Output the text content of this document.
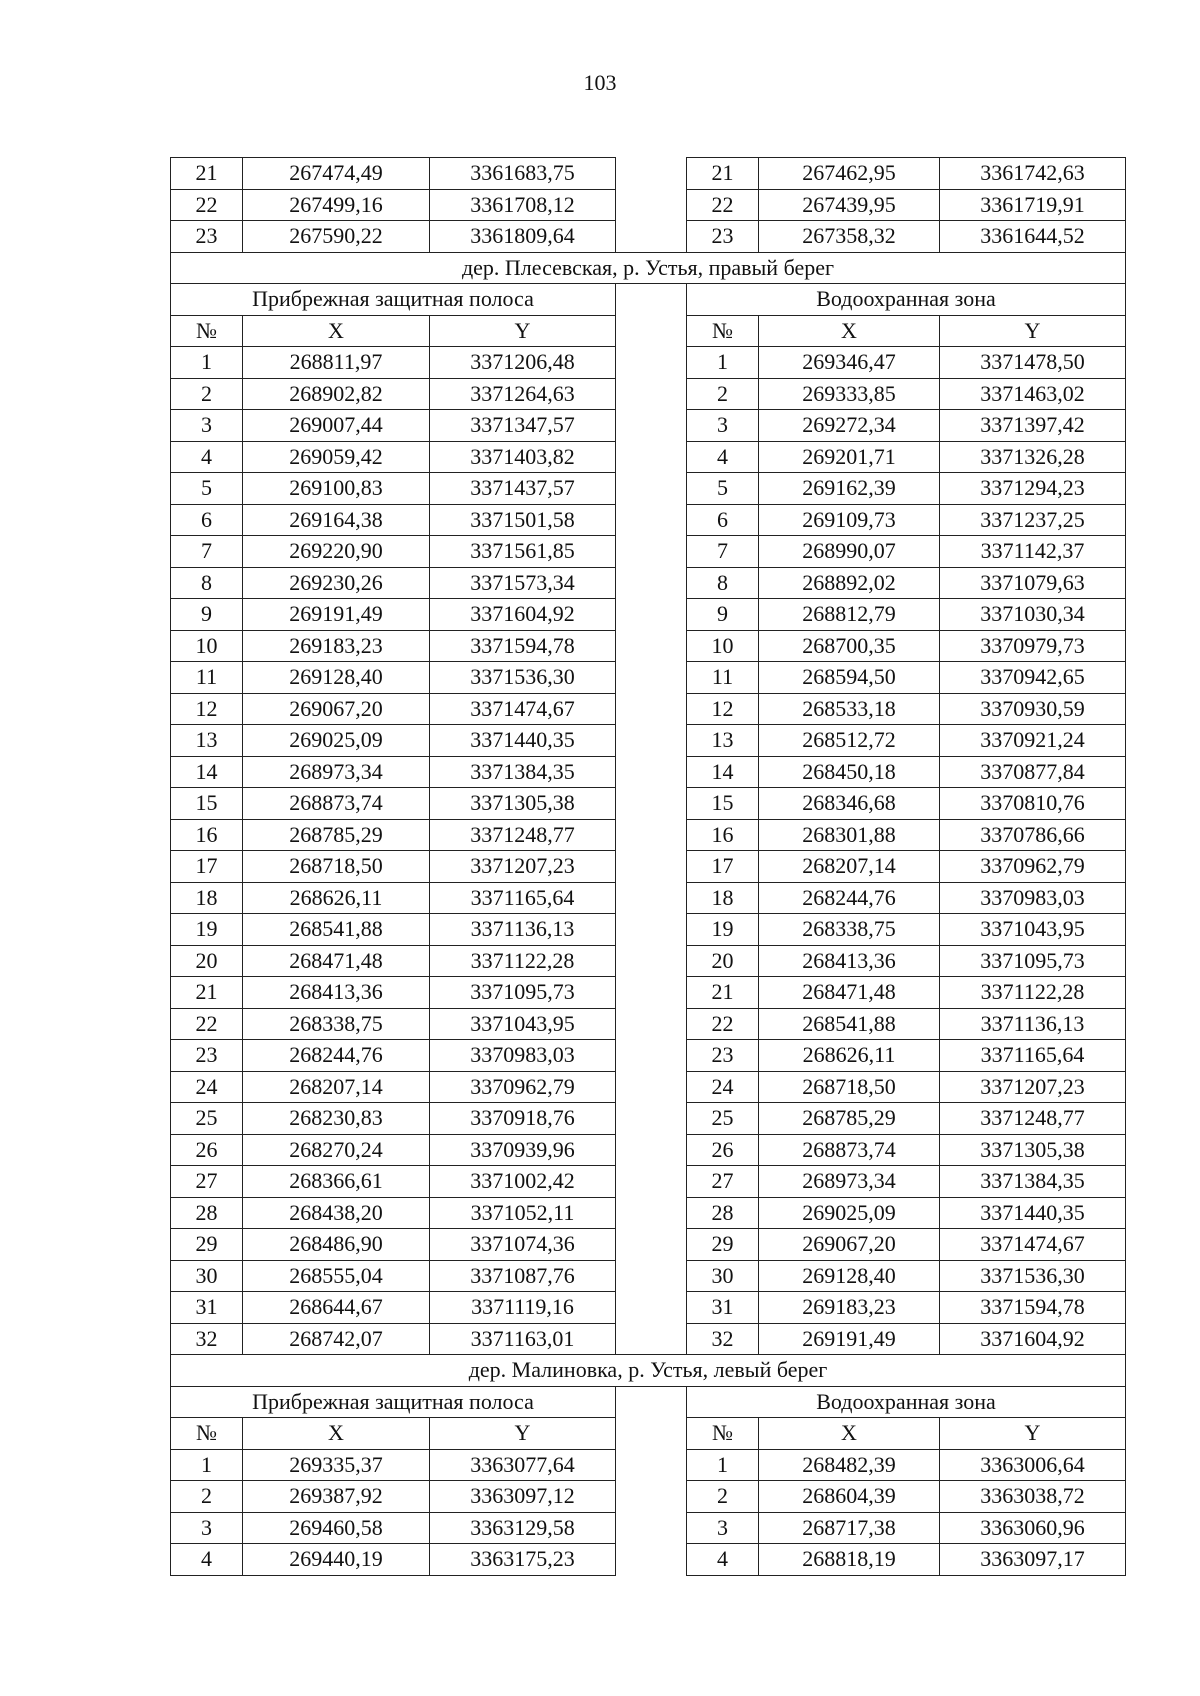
103
21	267474,49	3361683,75		21	267462,95	3361742,63
22	267499,16	3361708,12		22	267439,95	3361719,91
23	267590,22	3361809,64		23	267358,32	3361644,52
дер. Плесевская, р. Устья, правый берег						
Прибрежная защитная полоса				Водоохранная зона		
№	X	Y		№	X	Y
1	268811,97	3371206,48		1	269346,47	3371478,50
2	268902,82	3371264,63		2	269333,85	3371463,02
3	269007,44	3371347,57		3	269272,34	3371397,42
4	269059,42	3371403,82		4	269201,71	3371326,28
5	269100,83	3371437,57		5	269162,39	3371294,23
6	269164,38	3371501,58		6	269109,73	3371237,25
7	269220,90	3371561,85		7	268990,07	3371142,37
8	269230,26	3371573,34		8	268892,02	3371079,63
9	269191,49	3371604,92		9	268812,79	3371030,34
10	269183,23	3371594,78		10	268700,35	3370979,73
11	269128,40	3371536,30		11	268594,50	3370942,65
12	269067,20	3371474,67		12	268533,18	3370930,59
13	269025,09	3371440,35		13	268512,72	3370921,24
14	268973,34	3371384,35		14	268450,18	3370877,84
15	268873,74	3371305,38		15	268346,68	3370810,76
16	268785,29	3371248,77		16	268301,88	3370786,66
17	268718,50	3371207,23		17	268207,14	3370962,79
18	268626,11	3371165,64		18	268244,76	3370983,03
19	268541,88	3371136,13		19	268338,75	3371043,95
20	268471,48	3371122,28		20	268413,36	3371095,73
21	268413,36	3371095,73		21	268471,48	3371122,28
22	268338,75	3371043,95		22	268541,88	3371136,13
23	268244,76	3370983,03		23	268626,11	3371165,64
24	268207,14	3370962,79		24	268718,50	3371207,23
25	268230,83	3370918,76		25	268785,29	3371248,77
26	268270,24	3370939,96		26	268873,74	3371305,38
27	268366,61	3371002,42		27	268973,34	3371384,35
28	268438,20	3371052,11		28	269025,09	3371440,35
29	268486,90	3371074,36		29	269067,20	3371474,67
30	268555,04	3371087,76		30	269128,40	3371536,30
31	268644,67	3371119,16		31	269183,23	3371594,78
32	268742,07	3371163,01		32	269191,49	3371604,92
дер. Малиновка, р. Устья, левый берег						
Прибрежная защитная полоса				Водоохранная зона		
№	X	Y		№	X	Y
1	269335,37	3363077,64		1	268482,39	3363006,64
2	269387,92	3363097,12		2	268604,39	3363038,72
3	269460,58	3363129,58		3	268717,38	3363060,96
4	269440,19	3363175,23		4	268818,19	3363097,17
